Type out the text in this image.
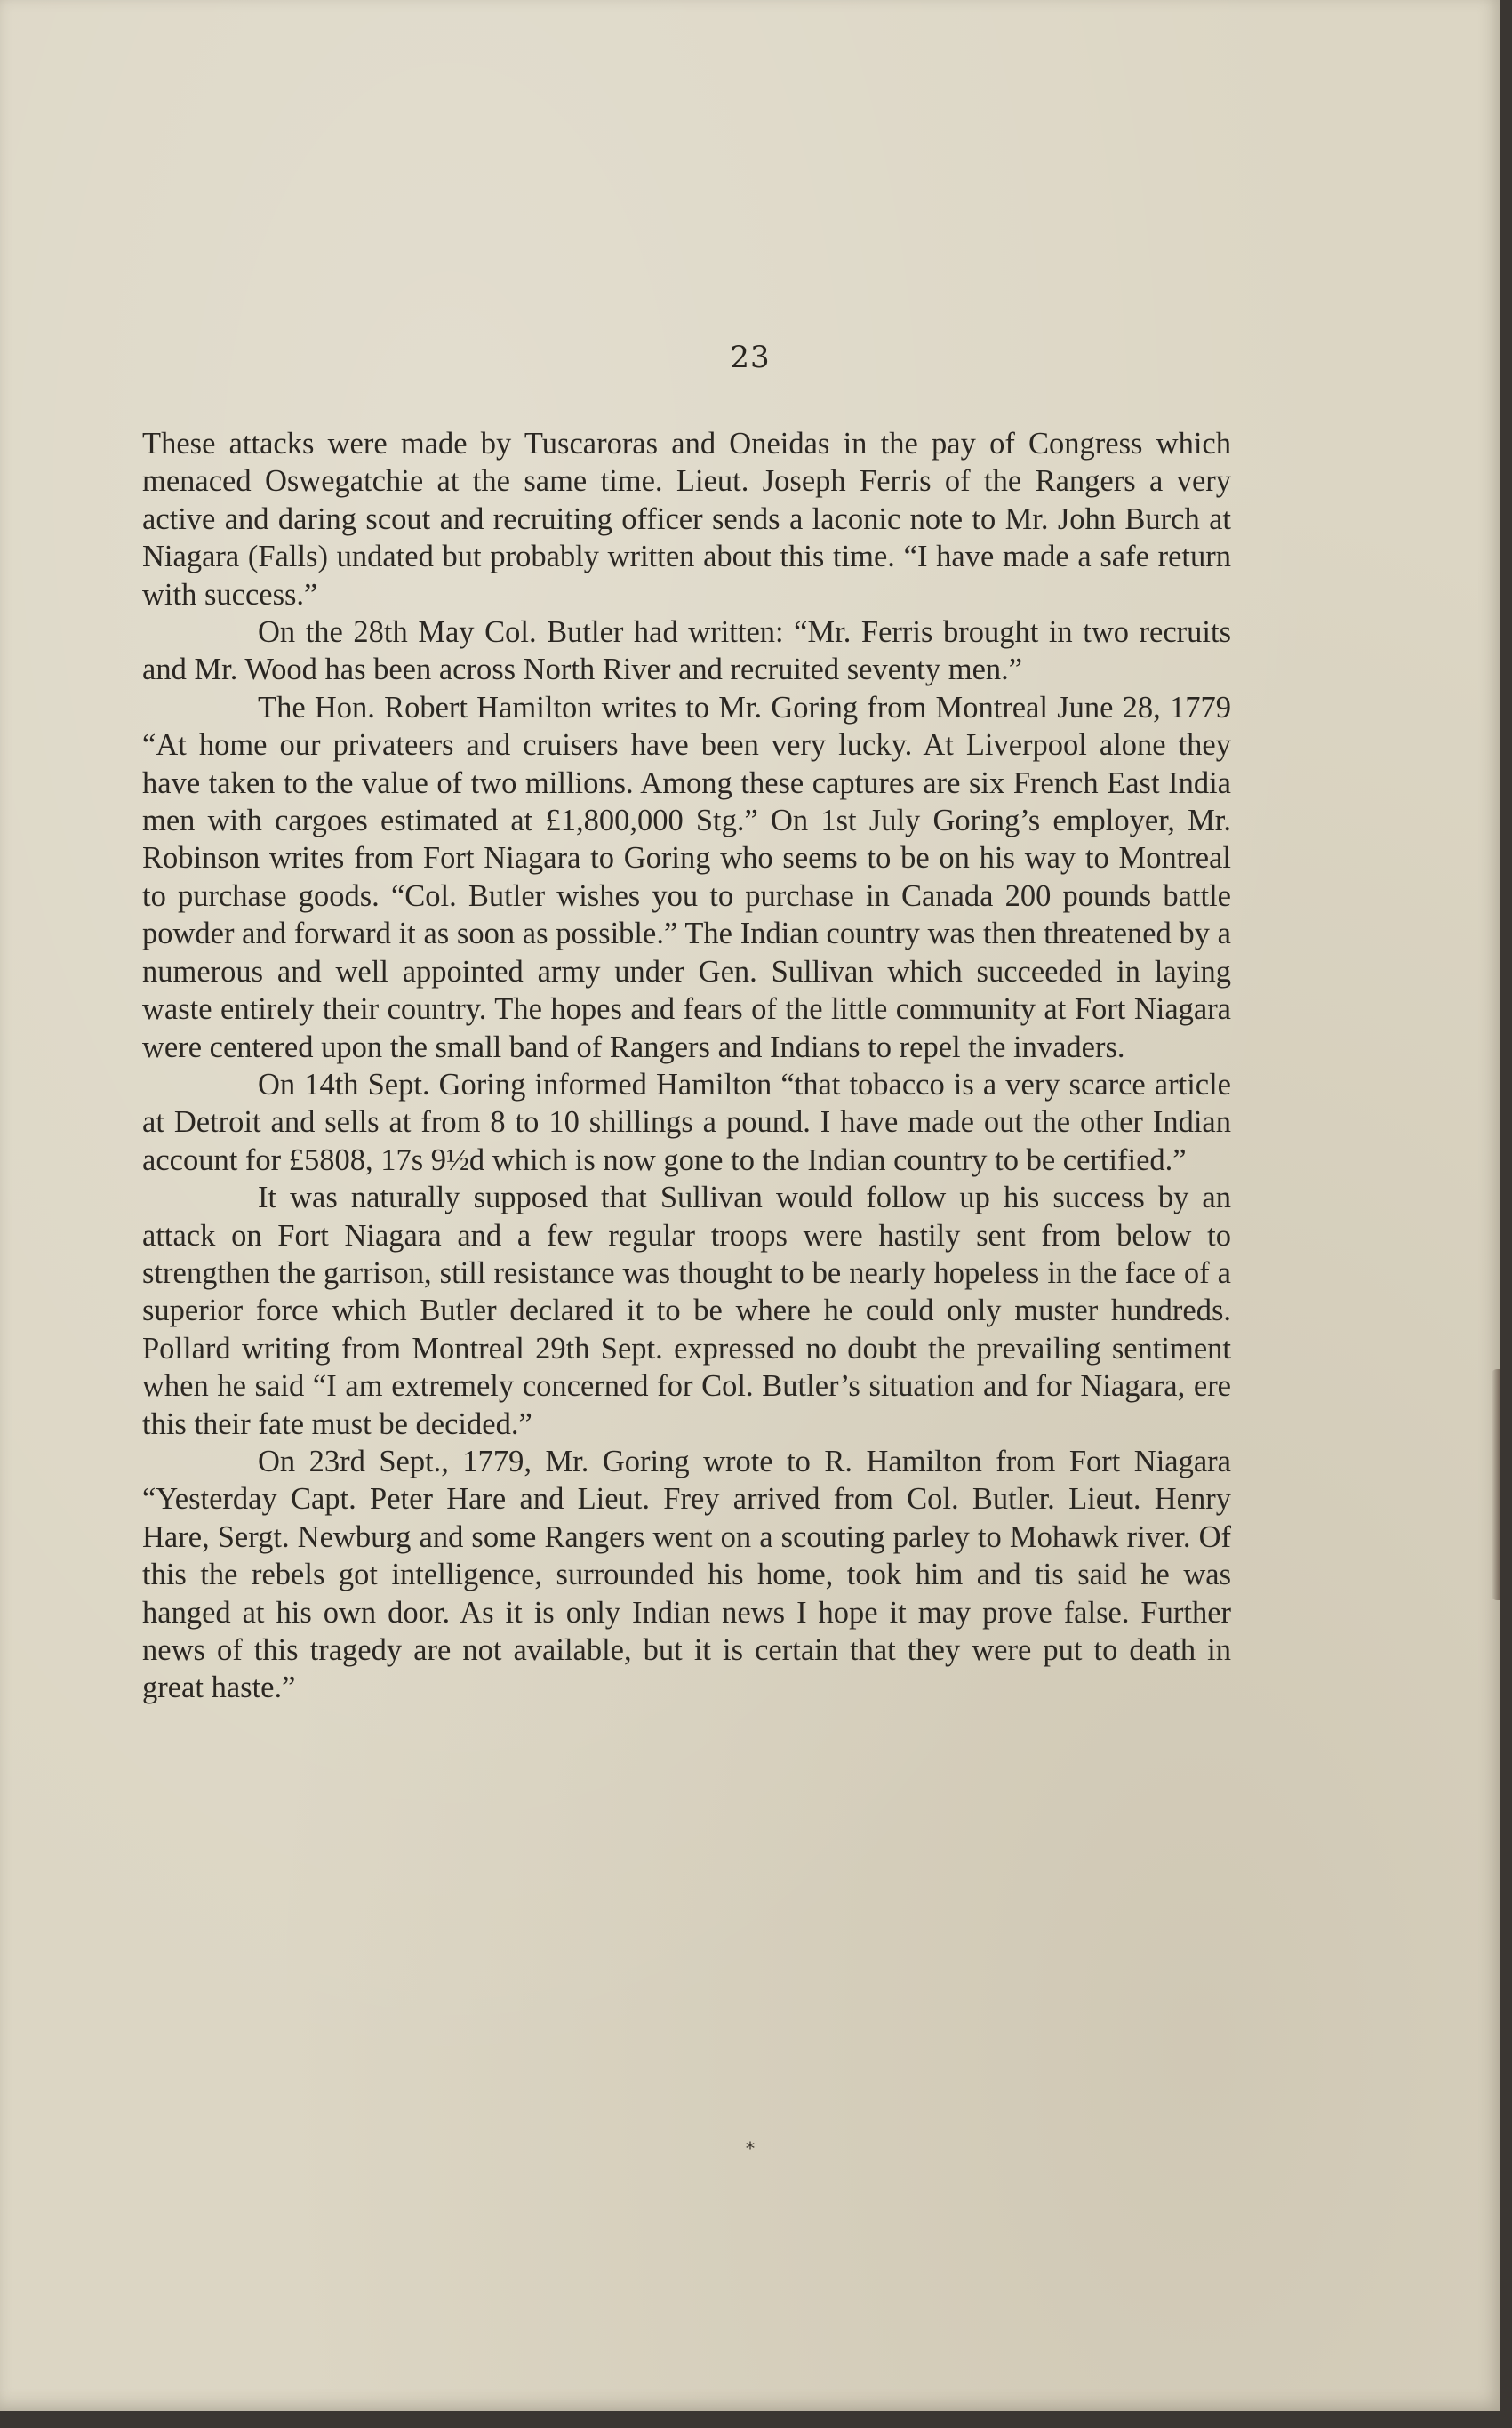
23

These attacks were made by Tuscaroras and Oneidas in the pay of Congress which menaced Oswegatchie at the same time. Lieut. Joseph Ferris of the Rangers a very active and daring scout and recruiting officer sends a laconic note to Mr. John Burch at Niagara (Falls) undated but probably written about this time. “I have made a safe return with success.”

On the 28th May Col. Butler had written: “Mr. Ferris brought in two recruits and Mr. Wood has been across North River and recruited seventy men.”

The Hon. Robert Hamilton writes to Mr. Goring from Montreal June 28, 1779 “At home our privateers and cruisers have been very lucky. At Liverpool alone they have taken to the value of two millions. Among these captures are six French East India men with cargoes estimated at £1,800,000 Stg.” On 1st July Goring’s employer, Mr. Robinson writes from Fort Niagara to Goring who seems to be on his way to Montreal to purchase goods. “Col. Butler wishes you to purchase in Canada 200 pounds battle powder and forward it as soon as possible.” The Indian country was then threatened by a numerous and well appointed army under Gen. Sullivan which succeeded in laying waste entirely their country. The hopes and fears of the little community at Fort Niagara were centered upon the small band of Rangers and Indians to repel the invaders.

On 14th Sept. Goring informed Hamilton “that tobacco is a very scarce article at Detroit and sells at from 8 to 10 shillings a pound. I have made out the other Indian account for £5808, 17s 9½d which is now gone to the Indian country to be certified.”

It was naturally supposed that Sullivan would follow up his success by an attack on Fort Niagara and a few regular troops were hastily sent from below to strengthen the garrison, still resistance was thought to be nearly hopeless in the face of a superior force which Butler declared it to be where he could only muster hundreds. Pollard writing from Montreal 29th Sept. expressed no doubt the prevailing sentiment when he said “I am extremely concerned for Col. Butler’s situation and for Niagara, ere this their fate must be decided.”

On 23rd Sept., 1779, Mr. Goring wrote to R. Hamilton from Fort Niagara “Yesterday Capt. Peter Hare and Lieut. Frey arrived from Col. Butler. Lieut. Henry Hare, Sergt. Newburg and some Rangers went on a scouting parley to Mohawk river. Of this the rebels got intelligence, surrounded his home, took him and tis said he was hanged at his own door. As it is only Indian news I hope it may prove false. Further news of this tragedy are not available, but it is certain that they were put to death in great haste.”

*
